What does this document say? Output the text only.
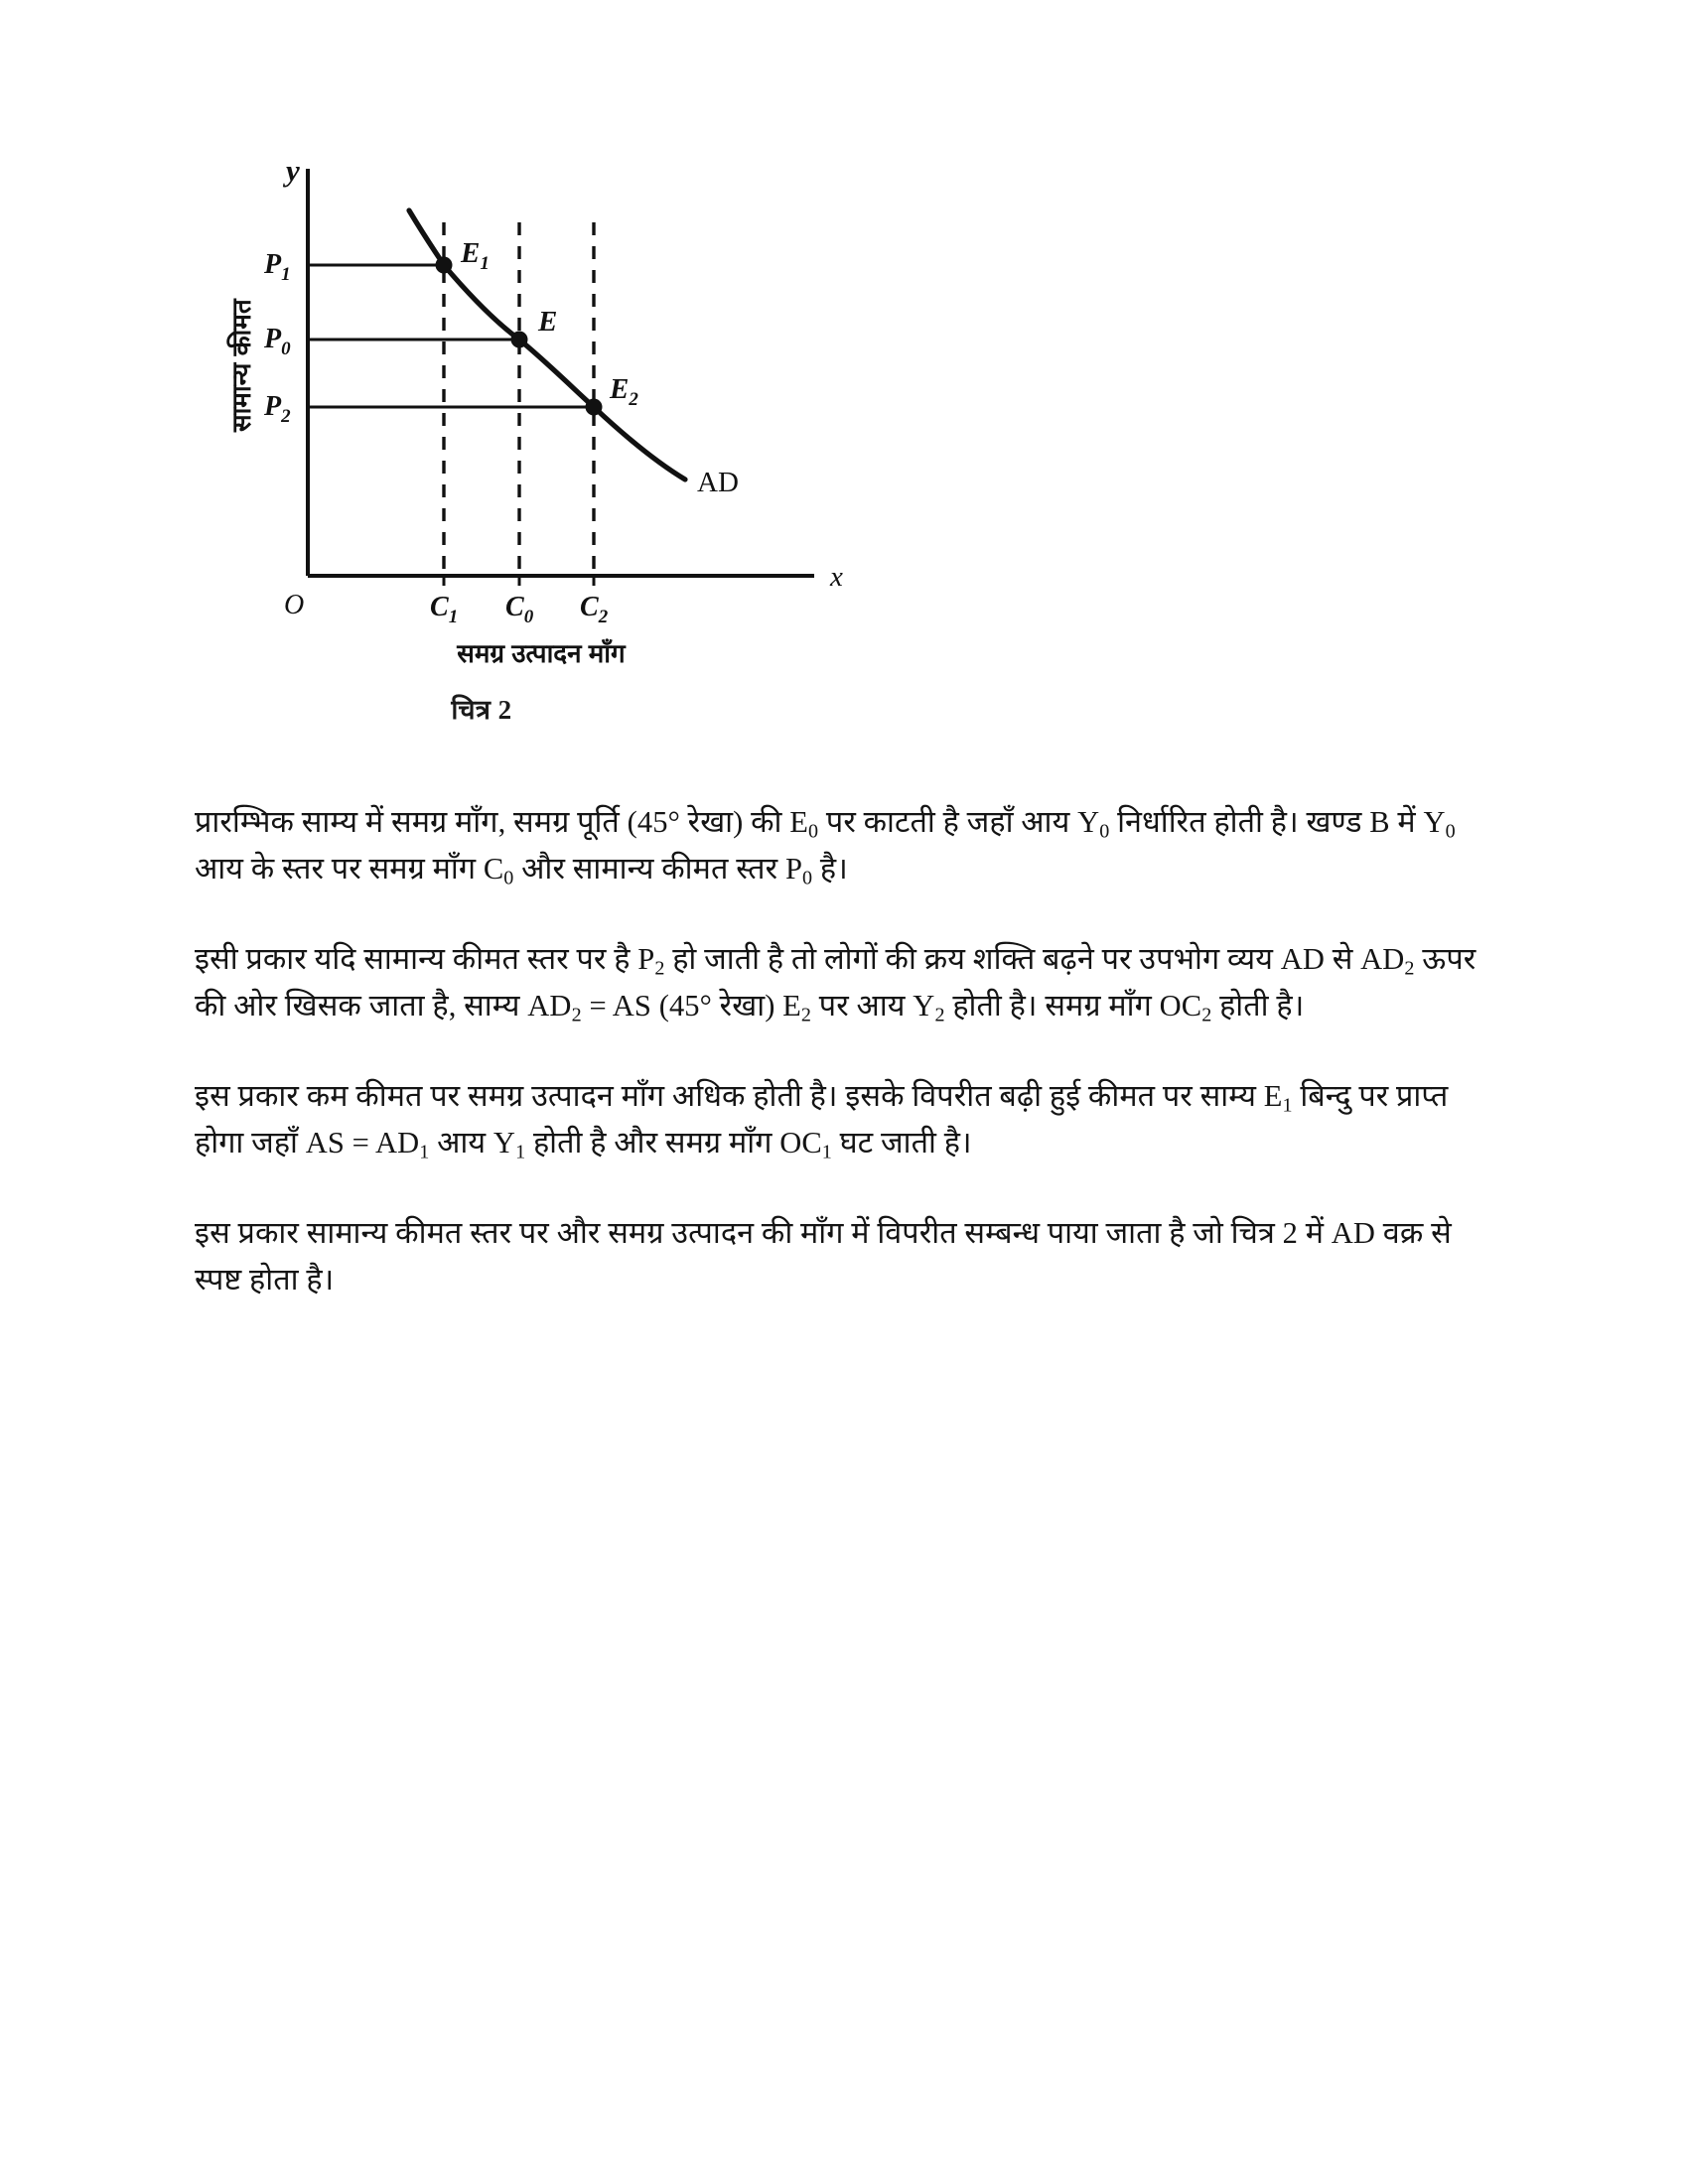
y
x
O
$P_1$
$P_0$
$P_2$
$C_1$ $C_0$ $C_2$
$E_1$
E
$E_2$
AD
सामान्य कीमत
समग्र उत्पादन माँग
चित्र 2

प्रारम्भिक साम्य में समग्र माँग, समग्र पूर्ति (45° रेखा) की $E_0$ पर काटती है जहाँ आय $Y_0$ निर्धारित होती है। खण्ड B में $Y_0$ आय के स्तर पर समग्र माँग $C_0$ और सामान्य कीमत स्तर $P_0$ है।

इसी प्रकार यदि सामान्य कीमत स्तर पर है $P_2$ हो जाती है तो लोगों की क्रय शक्ति बढ़ने पर उपभोग व्यय AD से $AD_2$ ऊपर की ओर खिसक जाता है, साम्य $AD_2$ = AS (45° रेखा) $E_2$ पर आय $Y_2$ होती है। समग्र माँग $OC_2$ होती है।

इस प्रकार कम कीमत पर समग्र उत्पादन माँग अधिक होती है। इसके विपरीत बढ़ी हुई कीमत पर साम्य $E_1$ बिन्दु पर प्राप्त होगा जहाँ AS = $AD_1$ आय $Y_1$ होती है और समग्र माँग $OC_1$ घट जाती है।

इस प्रकार सामान्य कीमत स्तर पर और समग्र उत्पादन की माँग में विपरीत सम्बन्ध पाया जाता है जो चित्र 2 में AD वक्र से स्पष्ट होता है।
